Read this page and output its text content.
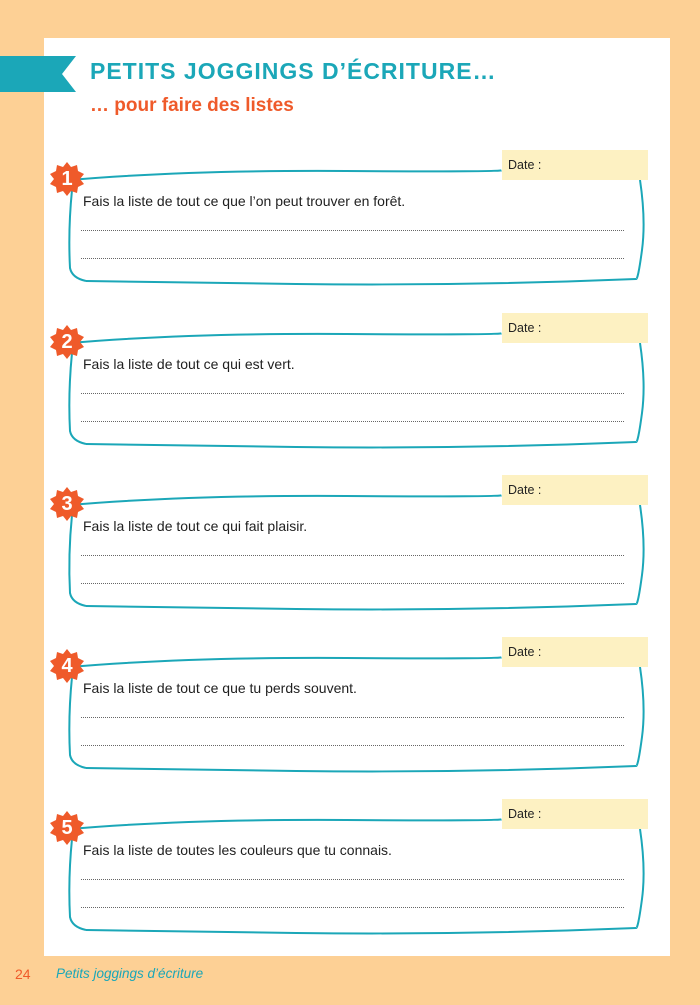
PETITS JOGGINGS D’ÉCRITURE…
… pour faire des listes
Date :
1

Fais la liste de tout ce que l’on peut trouver en forêt.

Date :
2

Fais la liste de tout ce qui est vert.

Date :
3

Fais la liste de tout ce qui fait plaisir.

Date :
4

Fais la liste de tout ce que tu perds souvent.

Date :
5

Fais la liste de toutes les couleurs que tu connais.

24 Petits joggings d’écriture
